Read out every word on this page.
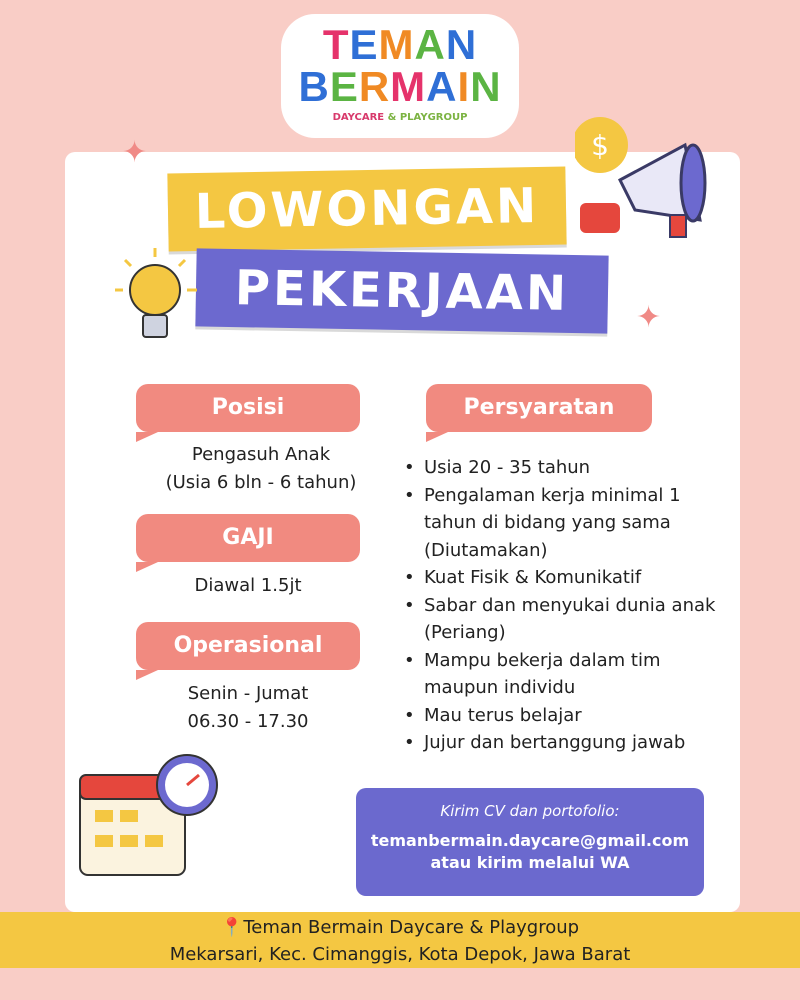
TEMAN
BERMAIN
DAYCARE & PLAYGROUP
✦
✦
LOWONGAN
PEKERJAAN
$
Posisi
Pengasuh Anak
(Usia 6 bln - 6 tahun)
GAJI
Diawal 1.5jt
Operasional
Senin - Jumat
06.30 - 17.30
Persyaratan
• Usia 20 - 35 tahun
• Pengalaman kerja minimal 1 tahun di bidang yang sama (Diutamakan)
• Kuat Fisik & Komunikatif
• Sabar dan menyukai dunia anak (Periang)
• Mampu bekerja dalam tim maupun individu
• Mau terus belajar
• Jujur dan bertanggung jawab
Kirim CV dan portofolio:
temanbermain.daycare@gmail.com
atau kirim melalui WA
📍Teman Bermain Daycare & Playgroup
Mekarsari, Kec. Cimanggis, Kota Depok, Jawa Barat
